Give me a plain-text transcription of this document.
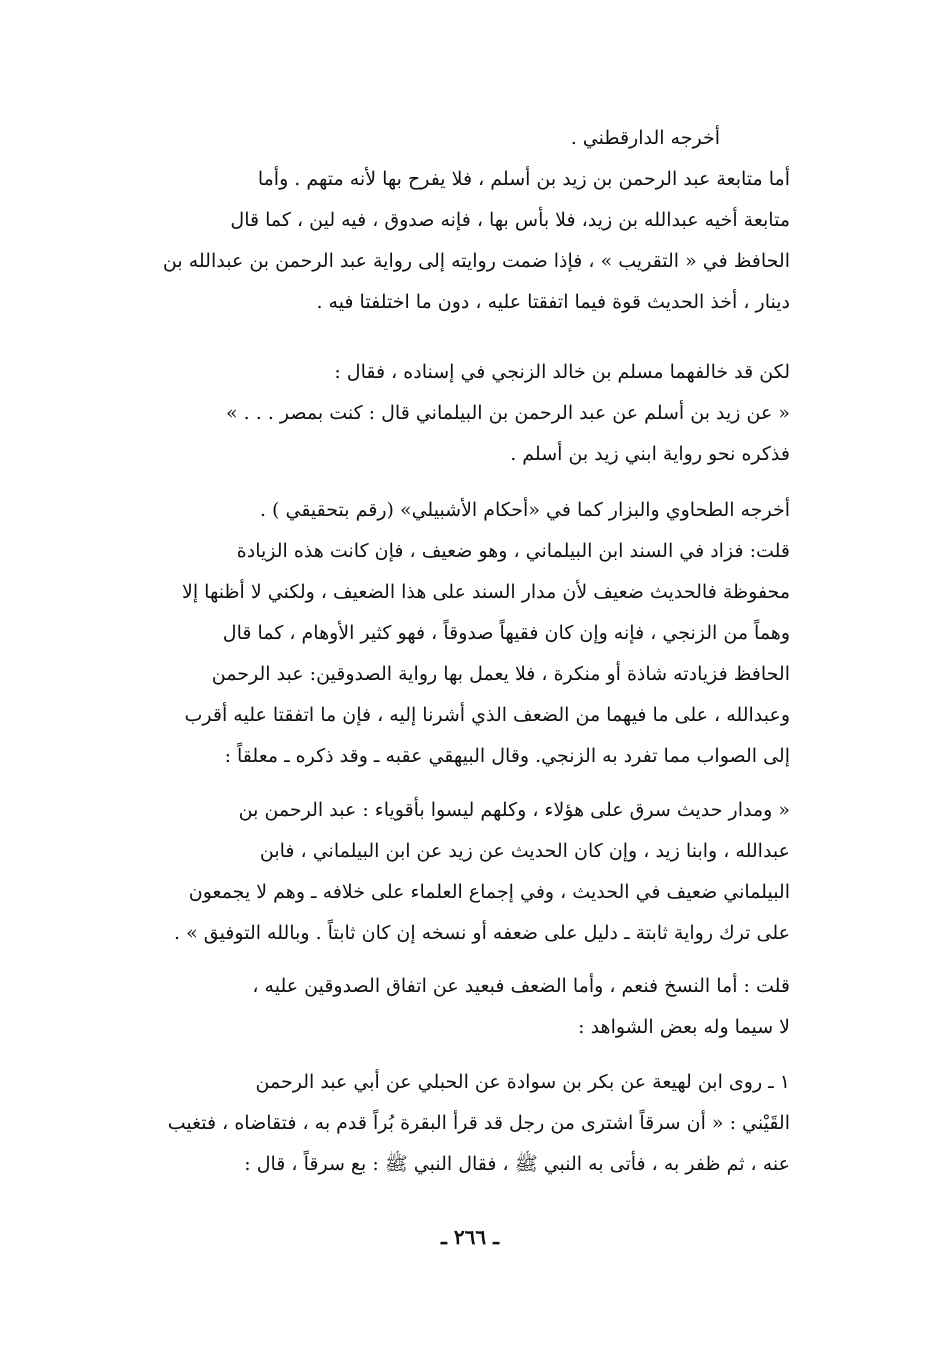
أخرجه الدارقطني .
أما متابعة عبد الرحمن بن زيد بن أسلم ، فلا يفرح بها لأنه متهم . وأما
متابعة أخيه عبدالله بن زيد، فلا بأس بها ، فإنه صدوق ، فيه لين ، كما قال
الحافظ في « التقريب » ، فإذا ضمت روايته إلى رواية عبد الرحمن بن عبدالله بن
دينار ، أخذ الحديث قوة فيما اتفقتا عليه ، دون ما اختلفتا فيه .
لكن قد خالفهما مسلم بن خالد الزنجي في إسناده ، فقال :
« عن زيد بن أسلم عن عبد الرحمن بن البيلماني قال : كنت بمصر . . . »
فذكره نحو رواية ابني زيد بن أسلم .
أخرجه الطحاوي والبزار كما في «أحكام الأشبيلي» (رقم بتحقيقي ) .
قلت: فزاد في السند ابن البيلماني ، وهو ضعيف ، فإن كانت هذه الزيادة
محفوظة فالحديث ضعيف لأن مدار السند على هذا الضعيف ، ولكني لا أظنها إلا
وهماً من الزنجي ، فإنه وإن كان فقيهاً صدوقاً ، فهو كثير الأوهام ، كما قال
الحافظ فزيادته شاذة أو منكرة ، فلا يعمل بها رواية الصدوقين: عبد الرحمن
وعبدالله ، على ما فيهما من الضعف الذي أشرنا إليه ، فإن ما اتفقتا عليه أقرب
إلى الصواب مما تفرد به الزنجي. وقال البيهقي عقبه ـ وقد ذكره ـ معلقاً :
« ومدار حديث سرق على هؤلاء ، وكلهم ليسوا بأقوياء : عبد الرحمن بن
عبدالله ، وابنا زيد ، وإن كان الحديث عن زيد عن ابن البيلماني ، فابن
البيلماني ضعيف في الحديث ، وفي إجماع العلماء على خلافه ـ وهم لا يجمعون
على ترك رواية ثابتة ـ دليل على ضعفه أو نسخه إن كان ثابتاً . وبالله التوفيق » .
قلت : أما النسخ فنعم ، وأما الضعف فبعيد عن اتفاق الصدوقين عليه ،
لا سيما وله بعض الشواهد :
١ ـ روى ابن لهيعة عن بكر بن سوادة عن الحبلي عن أبي عبد الرحمن
القَيْني : « أن سرقاً اشترى من رجل قد قرأ البقرة بُراً قدم به ، فتقاضاه ، فتغيب
عنه ، ثم ظفر به ، فأتى به النبي ﷺ ، فقال النبي ﷺ : بع سرقاً ، قال :
ـ ٢٦٦ ـ
